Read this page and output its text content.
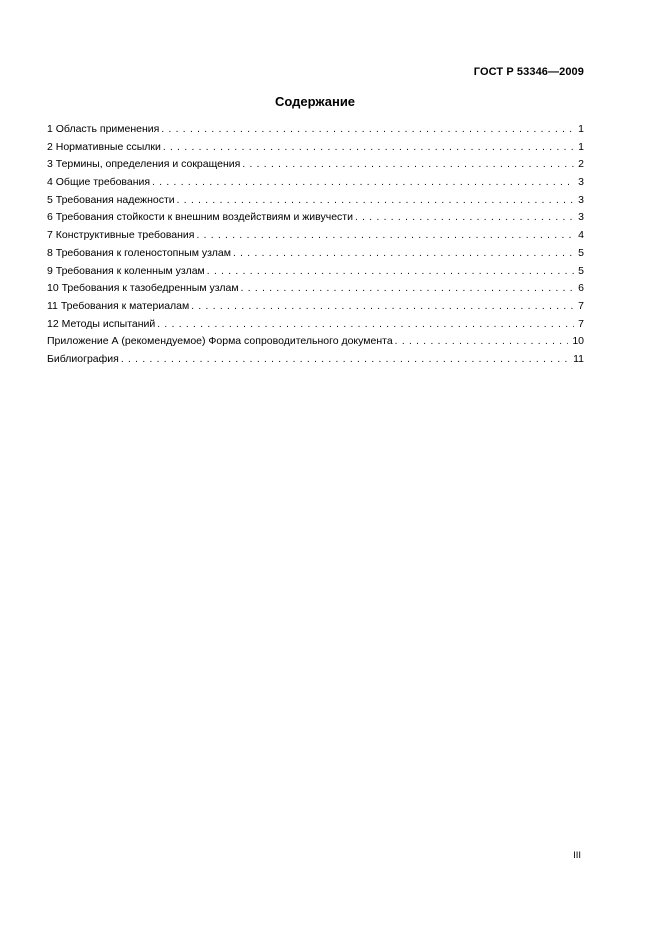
ГОСТ Р 53346—2009
Содержание
1 Область применения . . .	1
2 Нормативные ссылки . . .	1
3 Термины, определения и сокращения . . .	2
4 Общие требования . . .	3
5 Требования надежности . . .	3
6 Требования стойкости к внешним воздействиям и живучести . . .	3
7 Конструктивные требования . . .	4
8 Требования к голеностопным узлам . . .	5
9 Требования к коленным узлам . . .	5
10 Требования к тазобедренным узлам . . .	6
11 Требования к материалам . . .	7
12 Методы испытаний . . .	7
Приложение А (рекомендуемое) Форма сопроводительного документа . . .	10
Библиография . . .	11
III
